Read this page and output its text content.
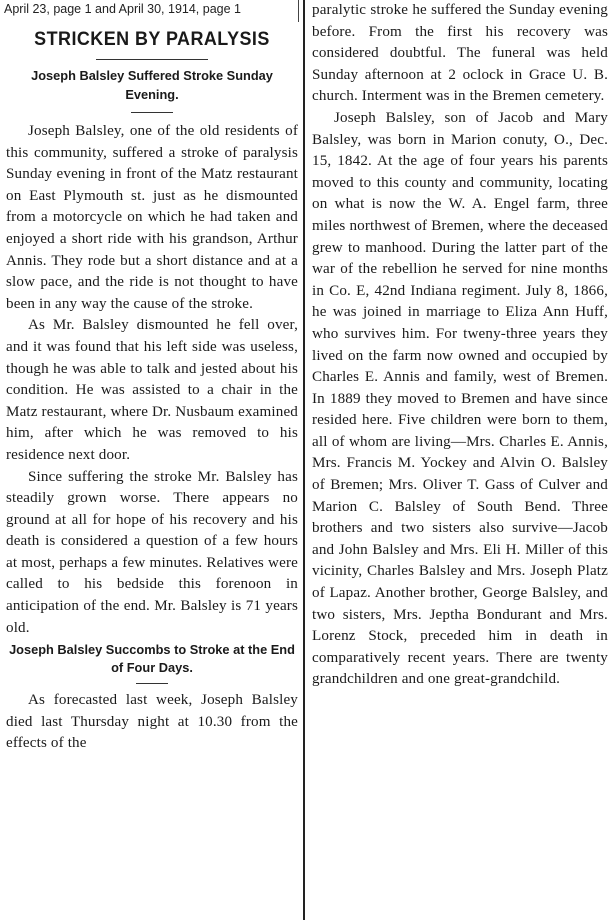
April 23, page 1 and April 30, 1914, page 1
STRICKEN BY PARALYSIS
Joseph Balsley Suffered Stroke Sunday Evening.

Joseph Balsley, one of the old residents of this community, suffered a stroke of paralysis Sunday evening in front of the Matz restaurant on East Plymouth st. just as he dismounted from a motorcycle on which he had taken and enjoyed a short ride with his grandson, Arthur Annis. They rode but a short distance and at a slow pace, and the ride is not thought to have been in any way the cause of the stroke.

As Mr. Balsley dismounted he fell over, and it was found that his left side was useless, though he was able to talk and jested about his condition. He was assisted to a chair in the Matz restaurant, where Dr. Nusbaum examined him, after which he was removed to his residence next door.

Since suffering the stroke Mr. Balsley has steadily grown worse. There appears no ground at all for hope of his recovery and his death is considered a question of a few hours at most, perhaps a few minutes. Relatives were called to his bedside this forenoon in anticipation of the end. Mr. Balsley is 71 years old.

Joseph Balsley Succombs to Stroke at the End of Four Days.

As forecasted last week, Joseph Balsley died last Thursday night at 10.30 from the effects of the

paralytic stroke he suffered the Sunday evening before. From the first his recovery was considered doubtful. The funeral was held Sunday afternoon at 2 oclock in Grace U. B. church. Interment was in the Bremen cemetery.

Joseph Balsley, son of Jacob and Mary Balsley, was born in Marion conuty, O., Dec. 15, 1842. At the age of four years his parents moved to this county and community, locating on what is now the W. A. Engel farm, three miles northwest of Bremen, where the deceased grew to manhood. During the latter part of the war of the rebellion he served for nine months in Co. E, 42nd Indiana regiment. July 8, 1866, he was joined in marriage to Eliza Ann Huff, who survives him. For tweny-three years they lived on the farm now owned and occupied by Charles E. Annis and family, west of Bremen. In 1889 they moved to Bremen and have since resided here. Five children were born to them, all of whom are living—Mrs. Charles E. Annis, Mrs. Francis M. Yockey and Alvin O. Balsley of Bremen; Mrs. Oliver T. Gass of Culver and Marion C. Balsley of South Bend. Three brothers and two sisters also survive—Jacob and John Balsley and Mrs. Eli H. Miller of this vicinity, Charles Balsley and Mrs. Joseph Platz of Lapaz. Another brother, George Balsley, and two sisters, Mrs. Jeptha Bondurant and Mrs. Lorenz Stock, preceded him in death in comparatively recent years. There are twenty grandchildren and one great-grandchild.
